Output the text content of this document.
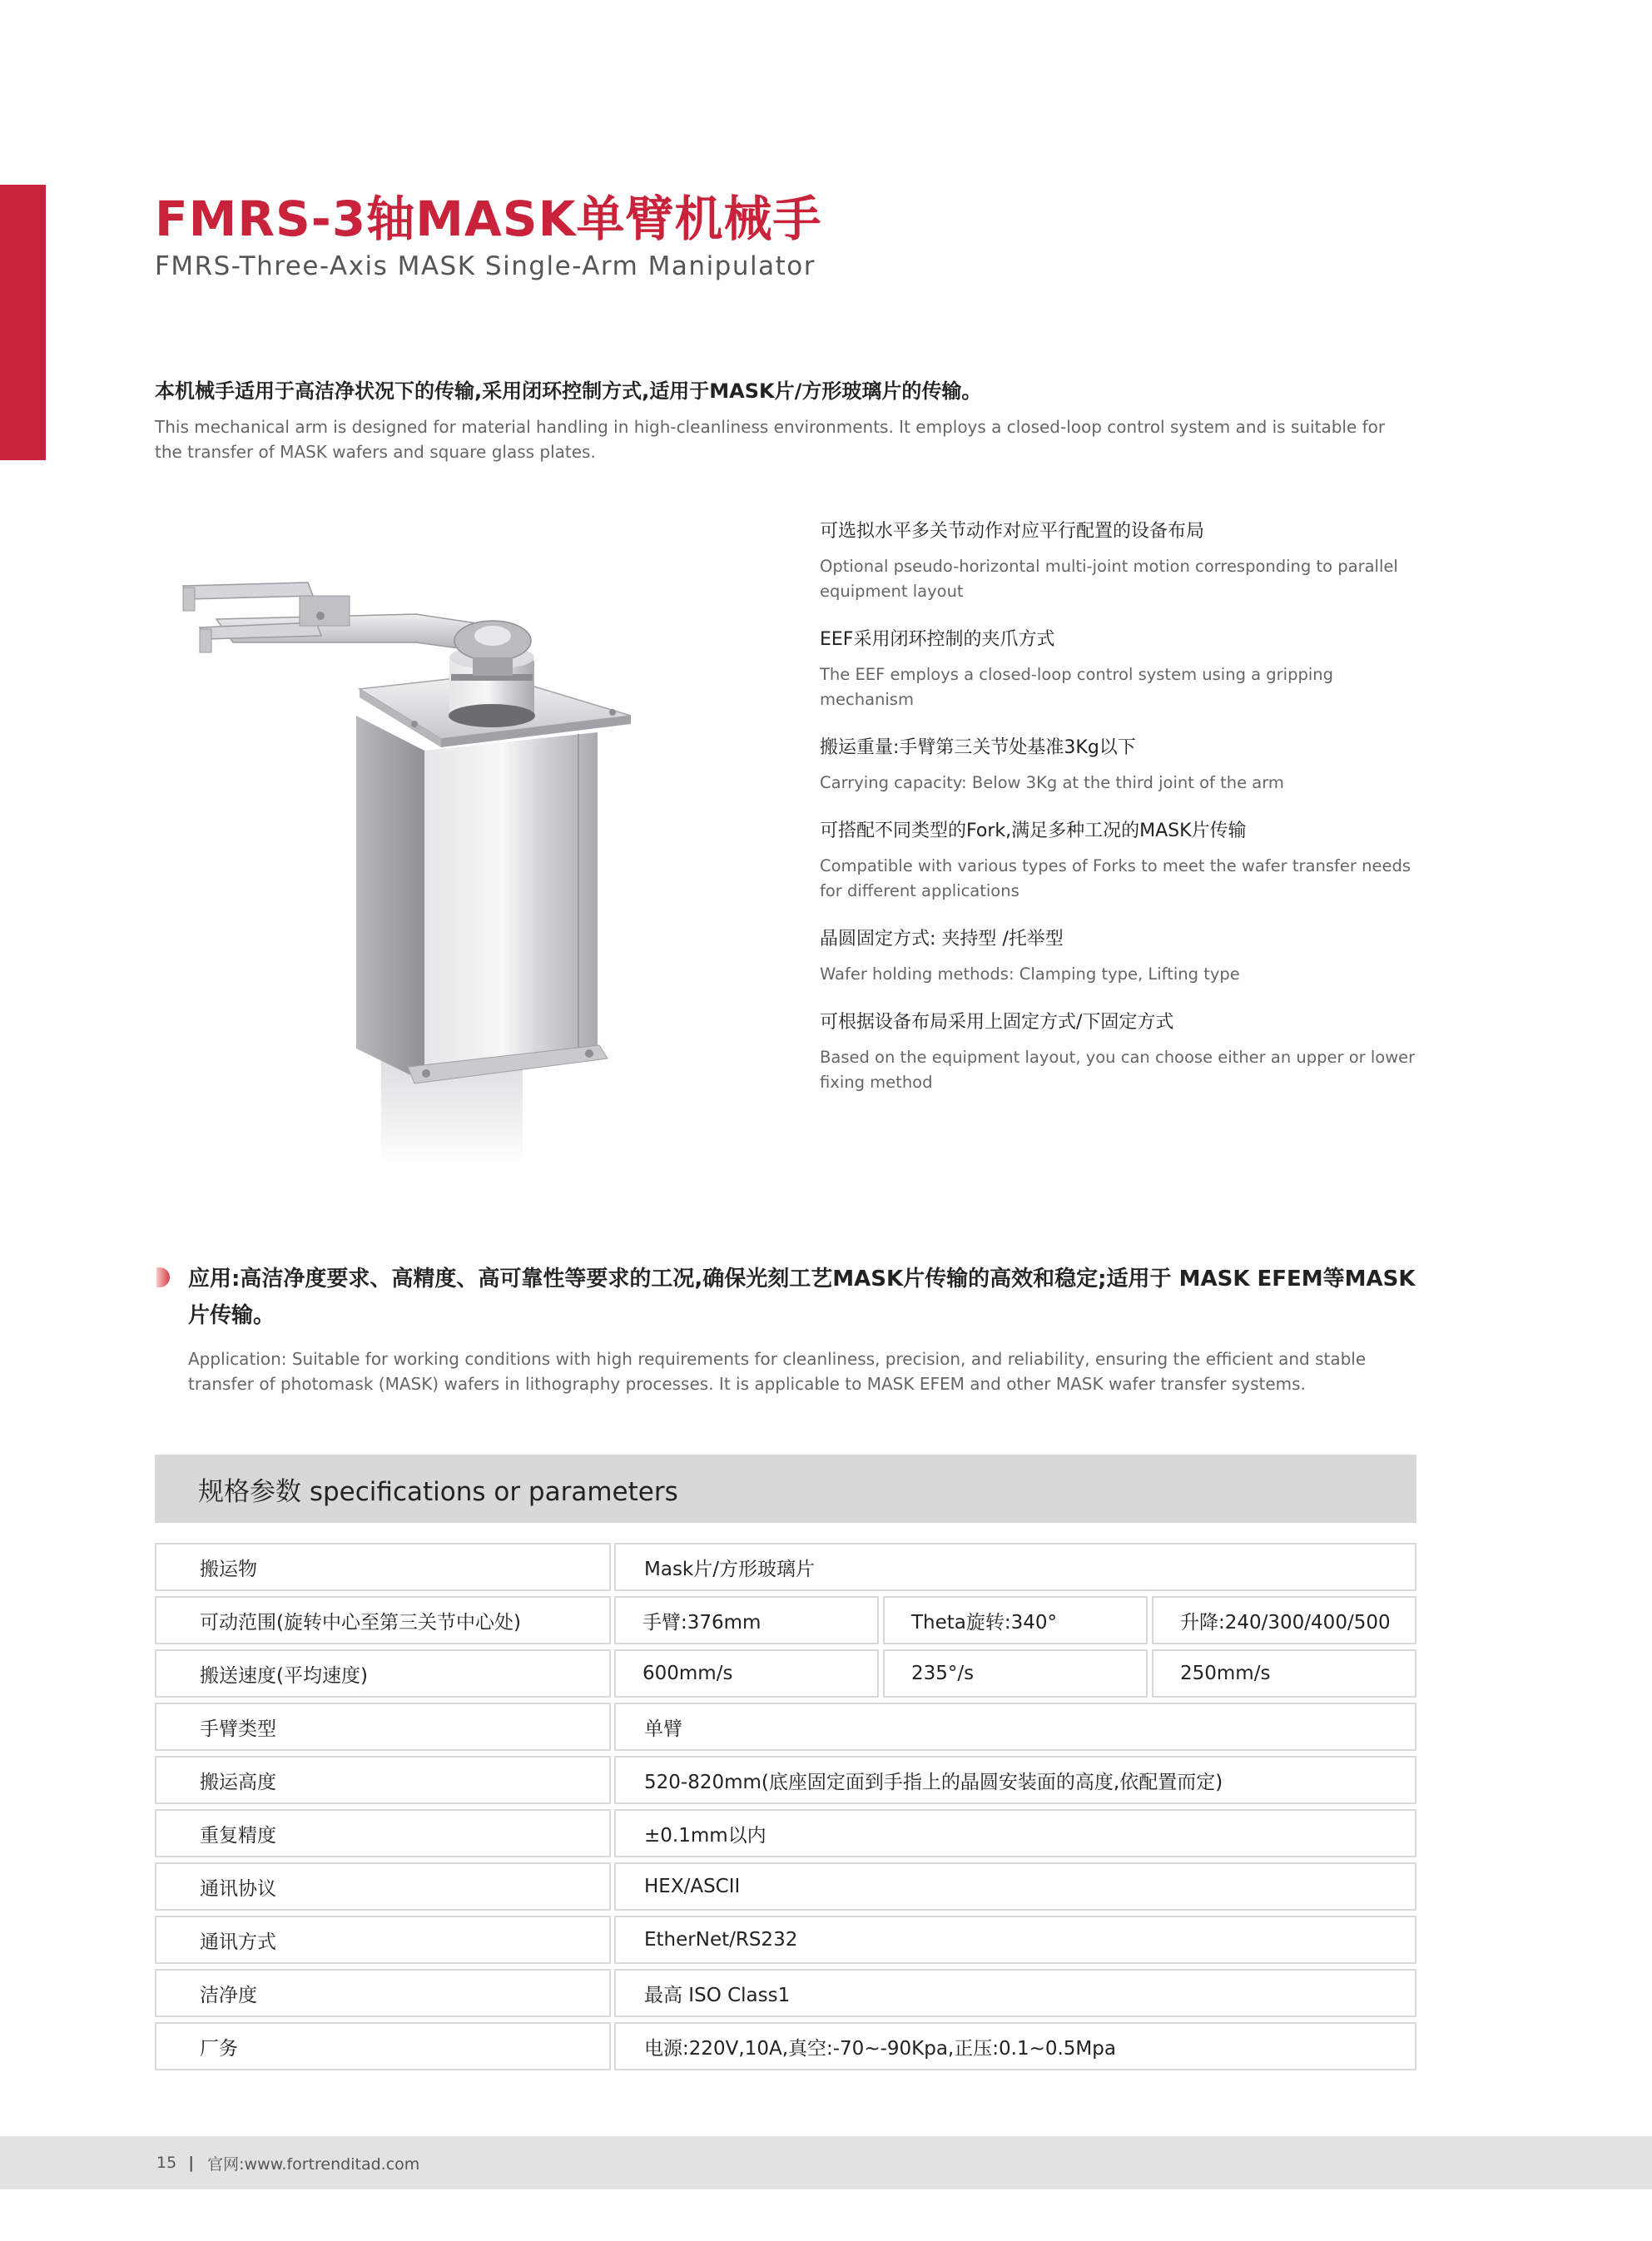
FMRS-3轴MASK单臂机械手
FMRS-Three-Axis MASK Single-Arm Manipulator
本机械手适用于高洁净状况下的传输,采用闭环控制方式,适用于MASK片/方形玻璃片的传输。
This mechanical arm is designed for material handling in high-cleanliness environments. It employs a closed-loop control system and is suitable for the transfer of MASK wafers and square glass plates.
可选拟水平多关节动作对应平行配置的设备布局
Optional pseudo-horizontal multi-joint motion corresponding to parallel equipment layout
EEF采用闭环控制的夹爪方式
The EEF employs a closed-loop control system using a gripping mechanism
搬运重量:手臂第三关节处基准3Kg以下
Carrying capacity: Below 3Kg at the third joint of the arm
可搭配不同类型的Fork,满足多种工况的MASK片传输
Compatible with various types of Forks to meet the wafer transfer needs for different applications
晶圆固定方式: 夹持型 /托举型
Wafer holding methods: Clamping type, Lifting type
可根据设备布局采用上固定方式/下固定方式
Based on the equipment layout, you can choose either an upper or lower fixing method
应用:高洁净度要求、高精度、高可靠性等要求的工况,确保光刻工艺MASK片传输的高效和稳定;适用于 MASK EFEM等MASK 片传输。
Application: Suitable for working conditions with high requirements for cleanliness, precision, and reliability, ensuring the efficient and stable transfer of photomask (MASK) wafers in lithography processes. It is applicable to MASK EFEM and other MASK wafer transfer systems.
规格参数 specifications or parameters
搬运物	Mask片/方形玻璃片
可动范围(旋转中心至第三关节中心处)	手臂:376mm	Theta旋转:340°	升降:240/300/400/500
搬送速度(平均速度)	600mm/s	235°/s	250mm/s
手臂类型	单臂
搬运高度	520-820mm(底座固定面到手指上的晶圆安装面的高度,依配置而定)
重复精度	±0.1mm以内
通讯协议	HEX/ASCII
通讯方式	EtherNet/RS232
洁净度	最高 ISO Class1
厂务	电源:220V,10A,真空:-70~-90Kpa,正压:0.1~0.5Mpa
15 | 官网:www.fortrenditad.com
